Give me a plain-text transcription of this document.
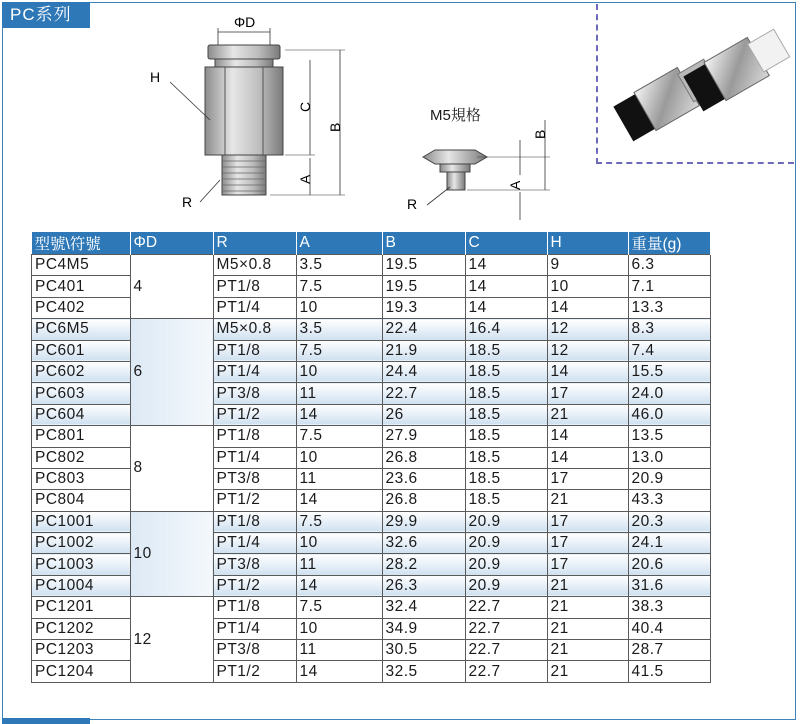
PC系列	ΦD
H
C
B
A
R
M5規格
B
A
R
型號\符號	ΦD	R	A	B	C	H	重量(g)
PC4M5	4	M5×0.8	3.5	19.5	14	9	6.3
PC401		PT1/8	7.5	19.5	14	10	7.1
PC402		PT1/4	10	19.3	14	14	13.3
PC6M5	6	M5×0.8	3.5	22.4	16.4	12	8.3
PC601		PT1/8	7.5	21.9	18.5	12	7.4
PC602		PT1/4	10	24.4	18.5	14	15.5
PC603		PT3/8	11	22.7	18.5	17	24.0
PC604		PT1/2	14	26	18.5	21	46.0
PC801	8	PT1/8	7.5	27.9	18.5	14	13.5
PC802		PT1/4	10	26.8	18.5	14	13.0
PC803		PT3/8	11	23.6	18.5	17	20.9
PC804		PT1/2	14	26.8	18.5	21	43.3
PC1001	10	PT1/8	7.5	29.9	20.9	17	20.3
PC1002		PT1/4	10	32.6	20.9	17	24.1
PC1003		PT3/8	11	28.2	20.9	17	20.6
PC1004		PT1/2	14	26.3	20.9	21	31.6
PC1201	12	PT1/8	7.5	32.4	22.7	21	38.3
PC1202		PT1/4	10	34.9	22.7	21	40.4
PC1203		PT3/8	11	30.5	22.7	21	28.7
PC1204		PT1/2	14	32.5	22.7	21	41.5
